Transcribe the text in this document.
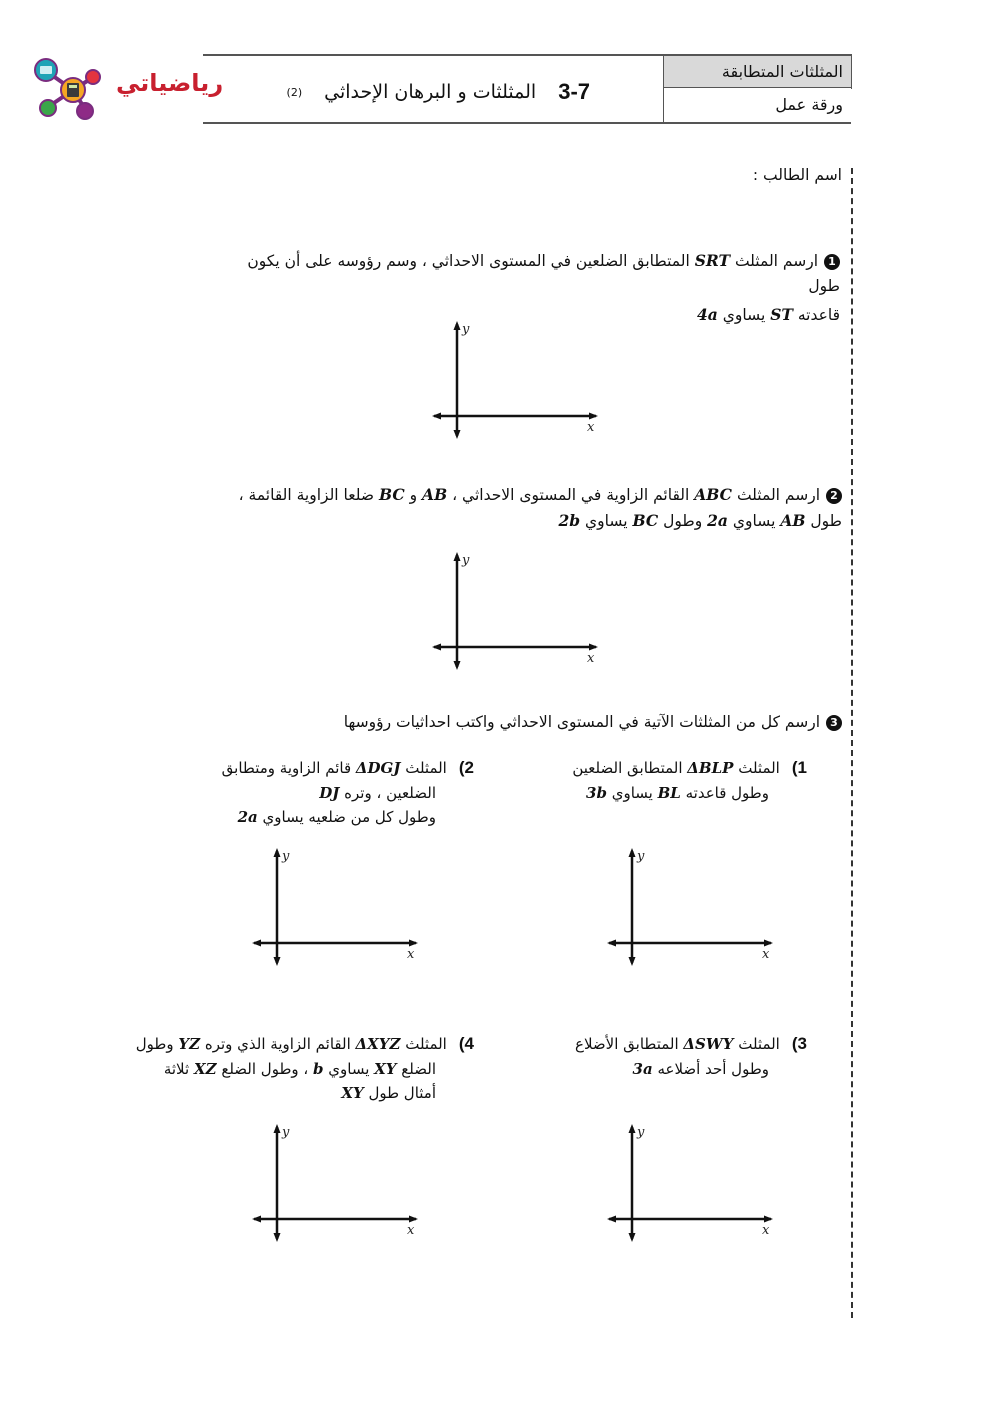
رياضياتي	المثلثات المتطابقة
ورقة عمل
3-7
المثلثات و البرهان الإحداثي
(2)
اسم الطالب :
1ارسم المثلث SRT المتطابق الضلعين في المستوى الاحداثي ، وسم رؤوسه على أن يكون طول
قاعدته ST يساوي 4a
2ارسم المثلث ABC القائم الزاوية في المستوى الاحداثي ، AB و BC ضلعا الزاوية القائمة ،
طول AB يساوي 2a وطول BC يساوي 2b
3ارسم كل من المثلثات الآتية في المستوى الاحداثي واكتب احداثيات رؤوسها
1)المثلث ΔBLP المتطابق الضلعين
وطول قاعدته BL يساوي 3b
2)المثلث ΔDGJ قائم الزاوية ومتطابق
الضلعين ، وتره DJ
وطول كل من ضلعيه يساوي 2a
3)المثلث ΔSWY المتطابق الأضلاع
وطول أحد أضلاعه 3a
4)المثلث ΔXYZ القائم الزاوية الذي وتره YZ وطول
الضلع XY يساوي b ، وطول الضلع XZ ثلاثة
أمثال طول XY
x
y
x
y
x
y
x
y
x
y
x
y
